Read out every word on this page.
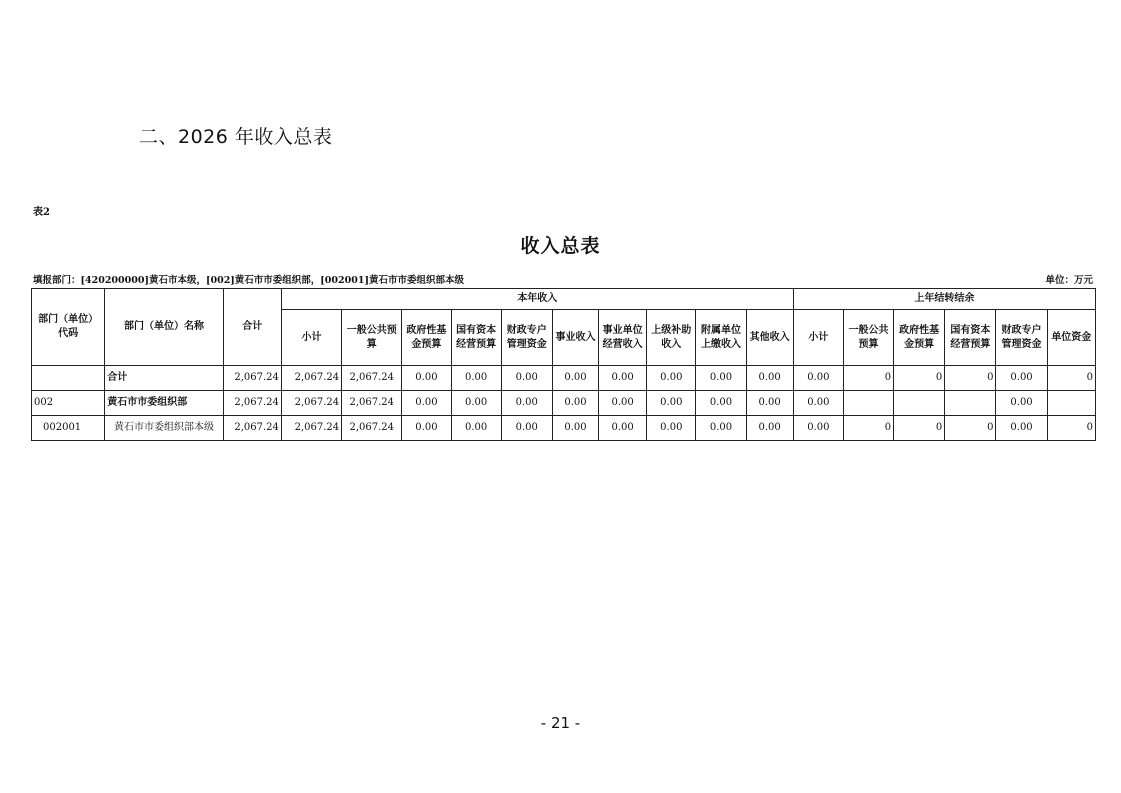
二、2026 年收入总表
表2
收入总表
填报部门：[420200000]黄石市本级，[002]黄石市市委组织部，[002001]黄石市市委组织部本级	单位：万元
部门（单位）代码	部门（单位）名称	合计	本年收入										上年结转结余					
			小计	一般公共预算	政府性基金预算	国有资本经营预算	财政专户管理资金	事业收入	事业单位经营收入	上级补助收入	附属单位上缴收入	其他收入	小计	一般公共预算	政府性基金预算	国有资本经营预算	财政专户管理资金	单位资金
	合计	2,067.24	2,067.24	2,067.24	0.00	0.00	0.00	0.00	0.00	0.00	0.00	0.00	0.00	0	0	0	0.00	0
002	黄石市市委组织部	2,067.24	2,067.24	2,067.24	0.00	0.00	0.00	0.00	0.00	0.00	0.00	0.00	0.00				0.00	
002001	黄石市市委组织部本级	2,067.24	2,067.24	2,067.24	0.00	0.00	0.00	0.00	0.00	0.00	0.00	0.00	0.00	0	0	0	0.00	0
- 21 -
